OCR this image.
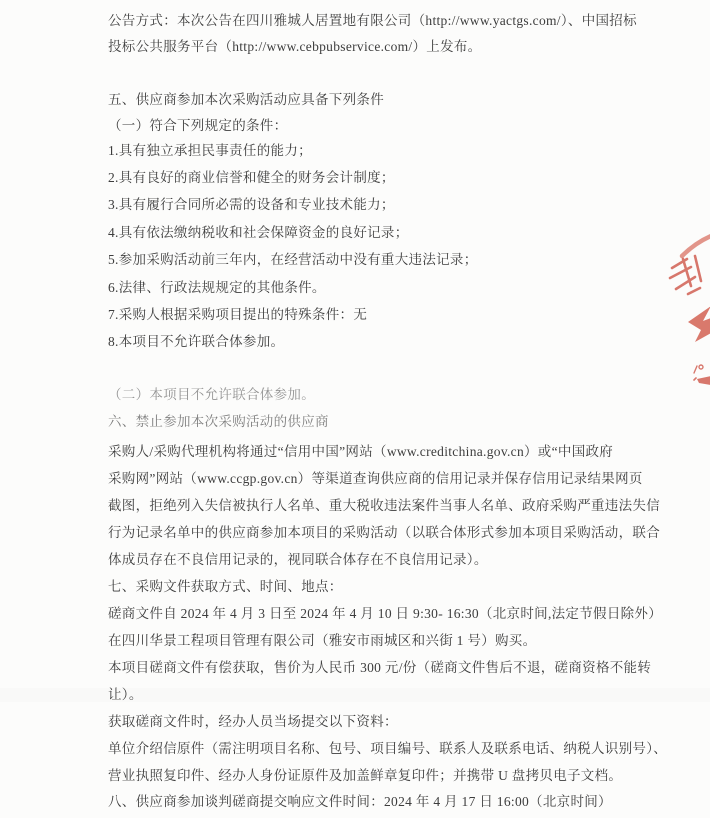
公告方式：本次公告在四川雅城人居置地有限公司（http://www.yactgs.com/）、中国招标
投标公共服务平台（http://www.cebpubservice.com/）上发布。
五、供应商参加本次采购活动应具备下列条件
（一）符合下列规定的条件：
1.具有独立承担民事责任的能力；
2.具有良好的商业信誉和健全的财务会计制度；
3.具有履行合同所必需的设备和专业技术能力；
4.具有依法缴纳税收和社会保障资金的良好记录；
5.参加采购活动前三年内，在经营活动中没有重大违法记录；
6.法律、行政法规规定的其他条件。
7.采购人根据采购项目提出的特殊条件：无
8.本项目不允许联合体参加。
（二）本项目不允许联合体参加。
六、禁止参加本次采购活动的供应商
采购人/采购代理机构将通过“信用中国”网站（www.creditchina.gov.cn）或“中国政府
采购网”网站（www.ccgp.gov.cn）等渠道查询供应商的信用记录并保存信用记录结果网页
截图，拒绝列入失信被执行人名单、重大税收违法案件当事人名单、政府采购严重违法失信
行为记录名单中的供应商参加本项目的采购活动（以联合体形式参加本项目采购活动，联合
体成员存在不良信用记录的，视同联合体存在不良信用记录）。
七、采购文件获取方式、时间、地点：
磋商文件自 2024 年 4 月 3 日至 2024 年 4 月 10 日 9:30- 16:30（北京时间,法定节假日除外）
在四川华景工程项目管理有限公司（雅安市雨城区和兴街 1 号）购买。
本项目磋商文件有偿获取，售价为人民币 300 元/份（磋商文件售后不退，磋商资格不能转
让）。
获取磋商文件时，经办人员当场提交以下资料：
单位介绍信原件（需注明项目名称、包号、项目编号、联系人及联系电话、纳税人识别号）、
营业执照复印件、经办人身份证原件及加盖鲜章复印件；并携带 U 盘拷贝电子文档。
八、供应商参加谈判磋商提交响应文件时间：2024 年 4 月 17 日 16:00（北京时间）
